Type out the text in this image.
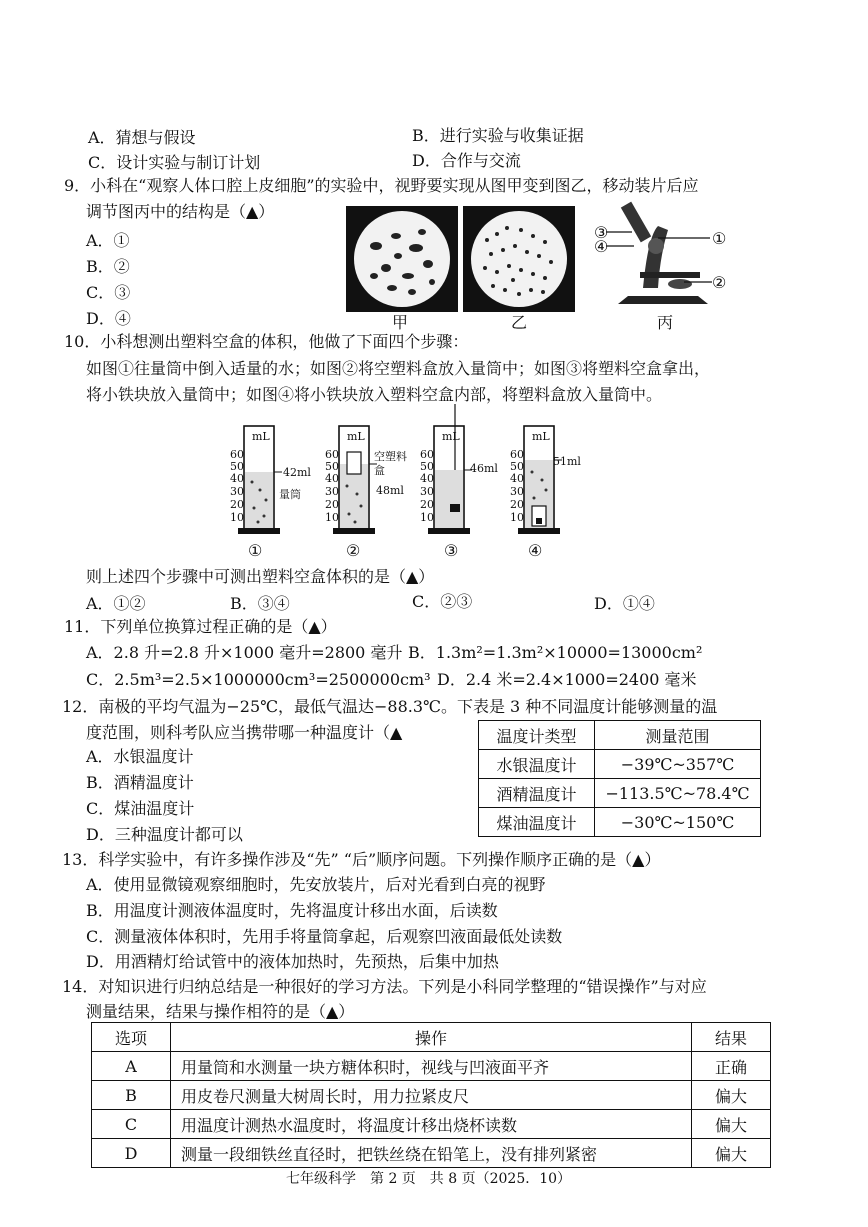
A．猜想与假设	B．进行实验与收集证据
C．设计实验与制订计划	D．合作与交流
9．小科在“观察人体口腔上皮细胞”的实验中，视野要实现从图甲变到图乙，移动装片后应
调节图丙中的结构是（▲）
A．①
B．②
C．③
D．④	甲	乙
③
④	①
②
丙
10．小科想测出塑料空盒的体积，他做了下面四个步骤：
如图①往量筒中倒入适量的水；如图②将空塑料盒放入量筒中；如图③将塑料空盒拿出，
将小铁块放入量筒中；如图④将小铁块放入塑料空盒内部，将塑料盒放入量筒中。
mL
60
50
40
30
20
10
42ml
量筒
①
mL
60
50
40
30
20
10
空塑料
盒
48ml
②
mL
60
50
40
30
20
10
46ml
③
mL
60
50
40
30
20
10
51ml
④
则上述四个步骤中可测出塑料空盒体积的是（▲）
A．①②	B．③④	C．②③	D．①④
11．下列单位换算过程正确的是（▲）
A．2.8 升=2.8 升×1000 毫升=2800 毫升 B．1.3m²=1.3m²×10000=13000cm²
C．2.5m³=2.5×1000000cm³=2500000cm³ D．2.4 米=2.4×1000=2400 毫米
12．南极的平均气温为−25℃，最低气温达−88.3℃。下表是 3 种不同温度计能够测量的温
度范围，则科考队应当携带哪一种温度计（▲
A．水银温度计
B．酒精温度计
C．煤油温度计
D．三种温度计都可以
温度计类型	测量范围
水银温度计	−39℃~357℃
酒精温度计	−113.5℃~78.4℃
煤油温度计	−30℃~150℃
13．科学实验中，有许多操作涉及“先” “后”顺序问题。下列操作顺序正确的是（▲）
A．使用显微镜观察细胞时，先安放装片，后对光看到白亮的视野
B．用温度计测液体温度时，先将温度计移出水面，后读数
C．测量液体体积时，先用手将量筒拿起，后观察凹液面最低处读数
D．用酒精灯给试管中的液体加热时，先预热，后集中加热
14．对知识进行归纳总结是一种很好的学习方法。下列是小科同学整理的“错误操作”与对应
测量结果，结果与操作相符的是（▲）
选项	操作	结果
A	用量筒和水测量一块方糖体积时，视线与凹液面平齐	正确
B	用皮卷尺测量大树周长时，用力拉紧皮尺	偏大
C	用温度计测热水温度时，将温度计移出烧杯读数	偏大
D	测量一段细铁丝直径时，把铁丝绕在铅笔上，没有排列紧密	偏大
七年级科学　第 2 页　共 8 页（2025．10）
